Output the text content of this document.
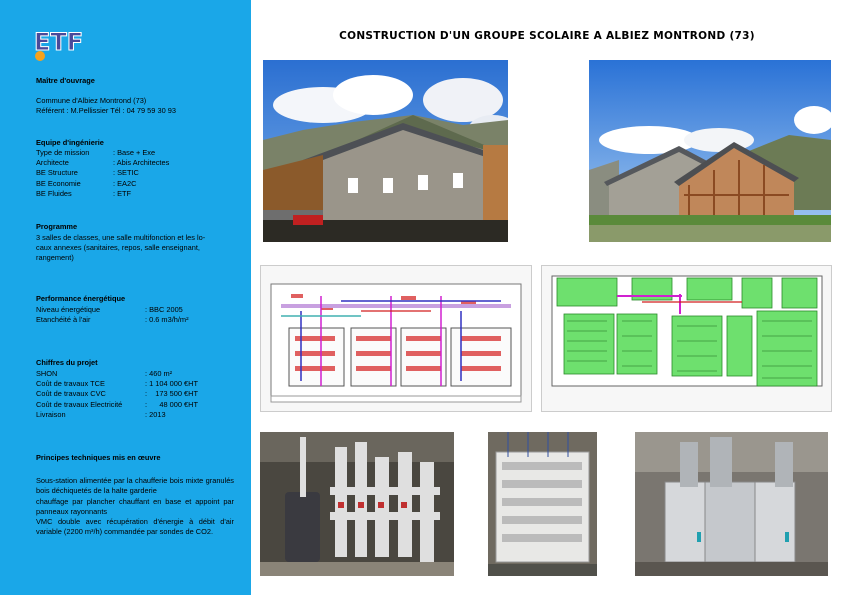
ETF
Maître d'ouvrage
Commune d'Albiez Montrond (73)
Référent : M.Pellissier Tél : 04 79 59 30 93
Equipe d'ingénierie
Type de mission	: Base + Exe
Architecte	: Abis Architectes
BE Structure	: SETIC
BE Economie	: EA2C
BE Fluides	: ETF
Programme
3 salles de classes, une salle multifonction et les lo-
caux annexes (sanitaires, repos, salle enseignant,
rangement)
Performance énergétique
Niveau énergétique	: BBC 2005
Etanchéité à l'air	: 0.6 m3/h/m²
Chiffres du projet
SHON	: 460 m²
Coût de travaux TCE	: 1 104 000 €HT
Coût de travaux CVC	:    173 500 €HT
Coût de travaux Electricité	:      48 000 €HT
Livraison	: 2013
Principes techniques mis en œuvre
Sous-station alimentée par la chaufferie bois mixte granulés bois déchiquetés de la halte garderie
chauffage par plancher chauffant en base et appoint par panneaux rayonnants
VMC double avec récupération d'énergie à débit d'air variable (2200 m³/h) commandée par sondes de CO2.
CONSTRUCTION D'UN GROUPE SCOLAIRE A ALBIEZ MONTROND (73)
